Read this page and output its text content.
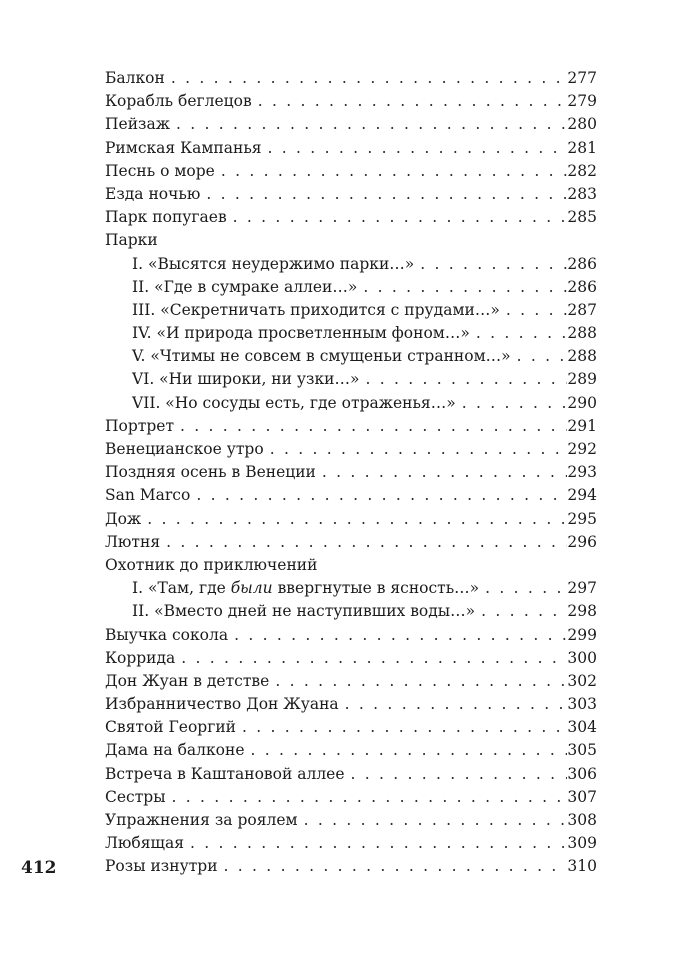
Балкон . . .	277
Корабль беглецов . . .	279
Пейзаж . . .	280
Римская Кампанья . . .	281
Песнь о море . . .	282
Езда ночью . . .	283
Парк попугаев . . .	285
Парки
I. «Высятся неудержимо парки…» . . .	286
II. «Где в сумраке аллеи…» . . .	286
III. «Секретничать приходится с прудами…» . . .	287
IV. «И природа просветленным фоном…» . . .	288
V. «Чтимы не совсем в смущеньи странном…» . . .	288
VI. «Ни широки, ни узки…» . . .	289
VII. «Но сосуды есть, где отраженья…» . . .	290
Портрет . . .	291
Венецианское утро . . .	292
Поздняя осень в Венеции . . .	293
San Marco . . .	294
Дож . . .	295
Лютня . . .	296
Охотник до приключений
I. «Там, где были ввергнутые в ясность…» . . .	297
II. «Вместо дней не наступивших воды…» . . .	298
Выучка сокола . . .	299
Коррида . . .	300
Дон Жуан в детстве . . .	302
Избранничество Дон Жуана . . .	303
Святой Георгий . . .	304
Дама на балконе . . .	305
Встреча в Каштановой аллее . . .	306
Сестры . . .	307
Упражнения за роялем . . .	308
Любящая . . .	309
Розы изнутри . . .	310
412
